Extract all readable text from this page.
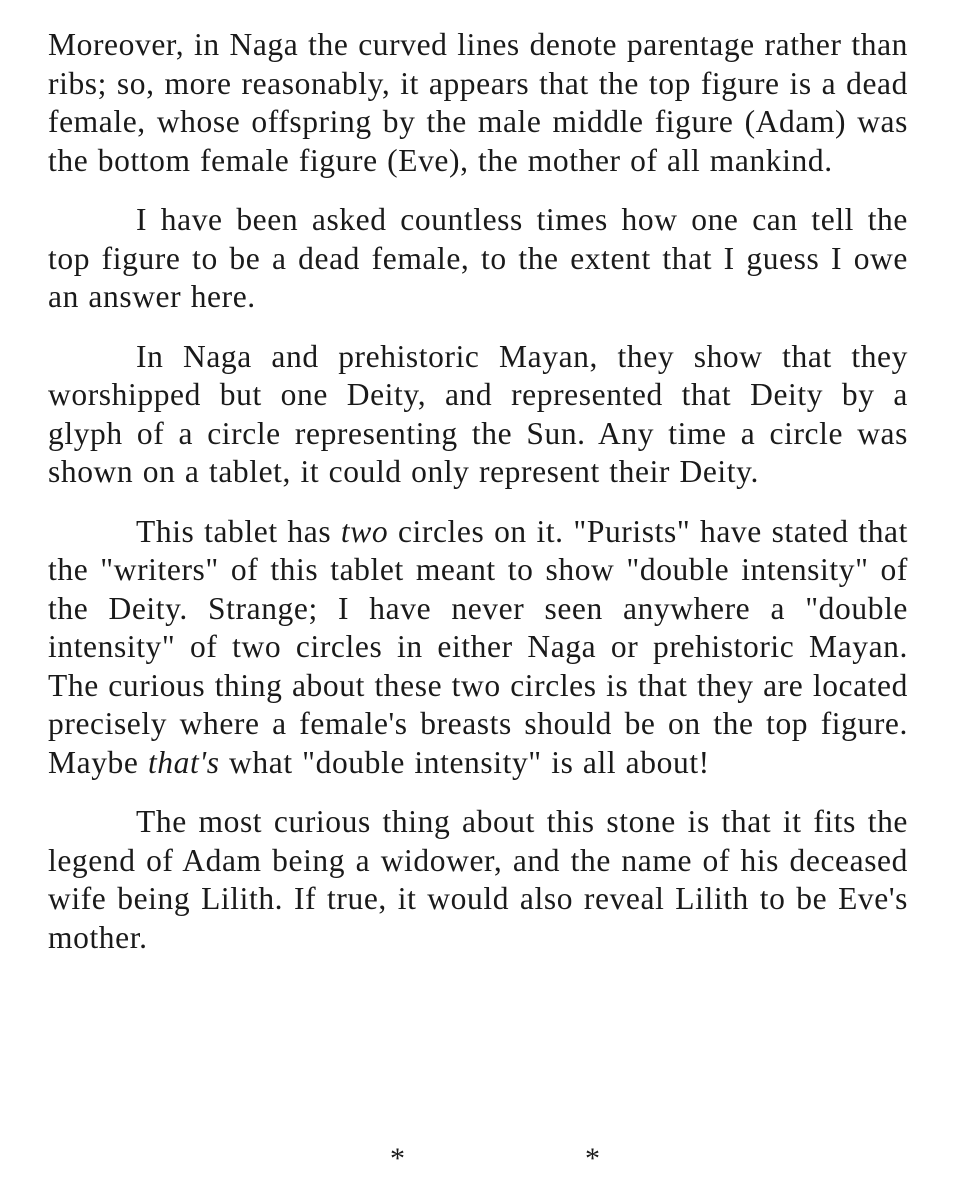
Moreover, in Naga the curved lines denote parentage rather than ribs; so, more reasonably, it appears that the top figure is a dead female, whose offspring by the male middle figure (Adam) was the bottom female figure (Eve), the mother of all mankind.

I have been asked countless times how one can tell the top figure to be a dead female, to the extent that I guess I owe an answer here.

In Naga and prehistoric Mayan, they show that they worshipped but one Deity, and represented that Deity by a glyph of a circle representing the Sun. Any time a circle was shown on a tablet, it could only represent their Deity.

This tablet has two circles on it. "Purists" have stated that the "writers" of this tablet meant to show "double intensity" of the Deity. Strange; I have never seen anywhere a "double intensity" of two circles in either Naga or prehistoric Mayan. The curious thing about these two circles is that they are located precisely where a female's breasts should be on the top figure. Maybe that's what "double intensity" is all about!

The most curious thing about this stone is that it fits the legend of Adam being a widower, and the name of his deceased wife being Lilith. If true, it would also reveal Lilith to be Eve's mother.

*	*
